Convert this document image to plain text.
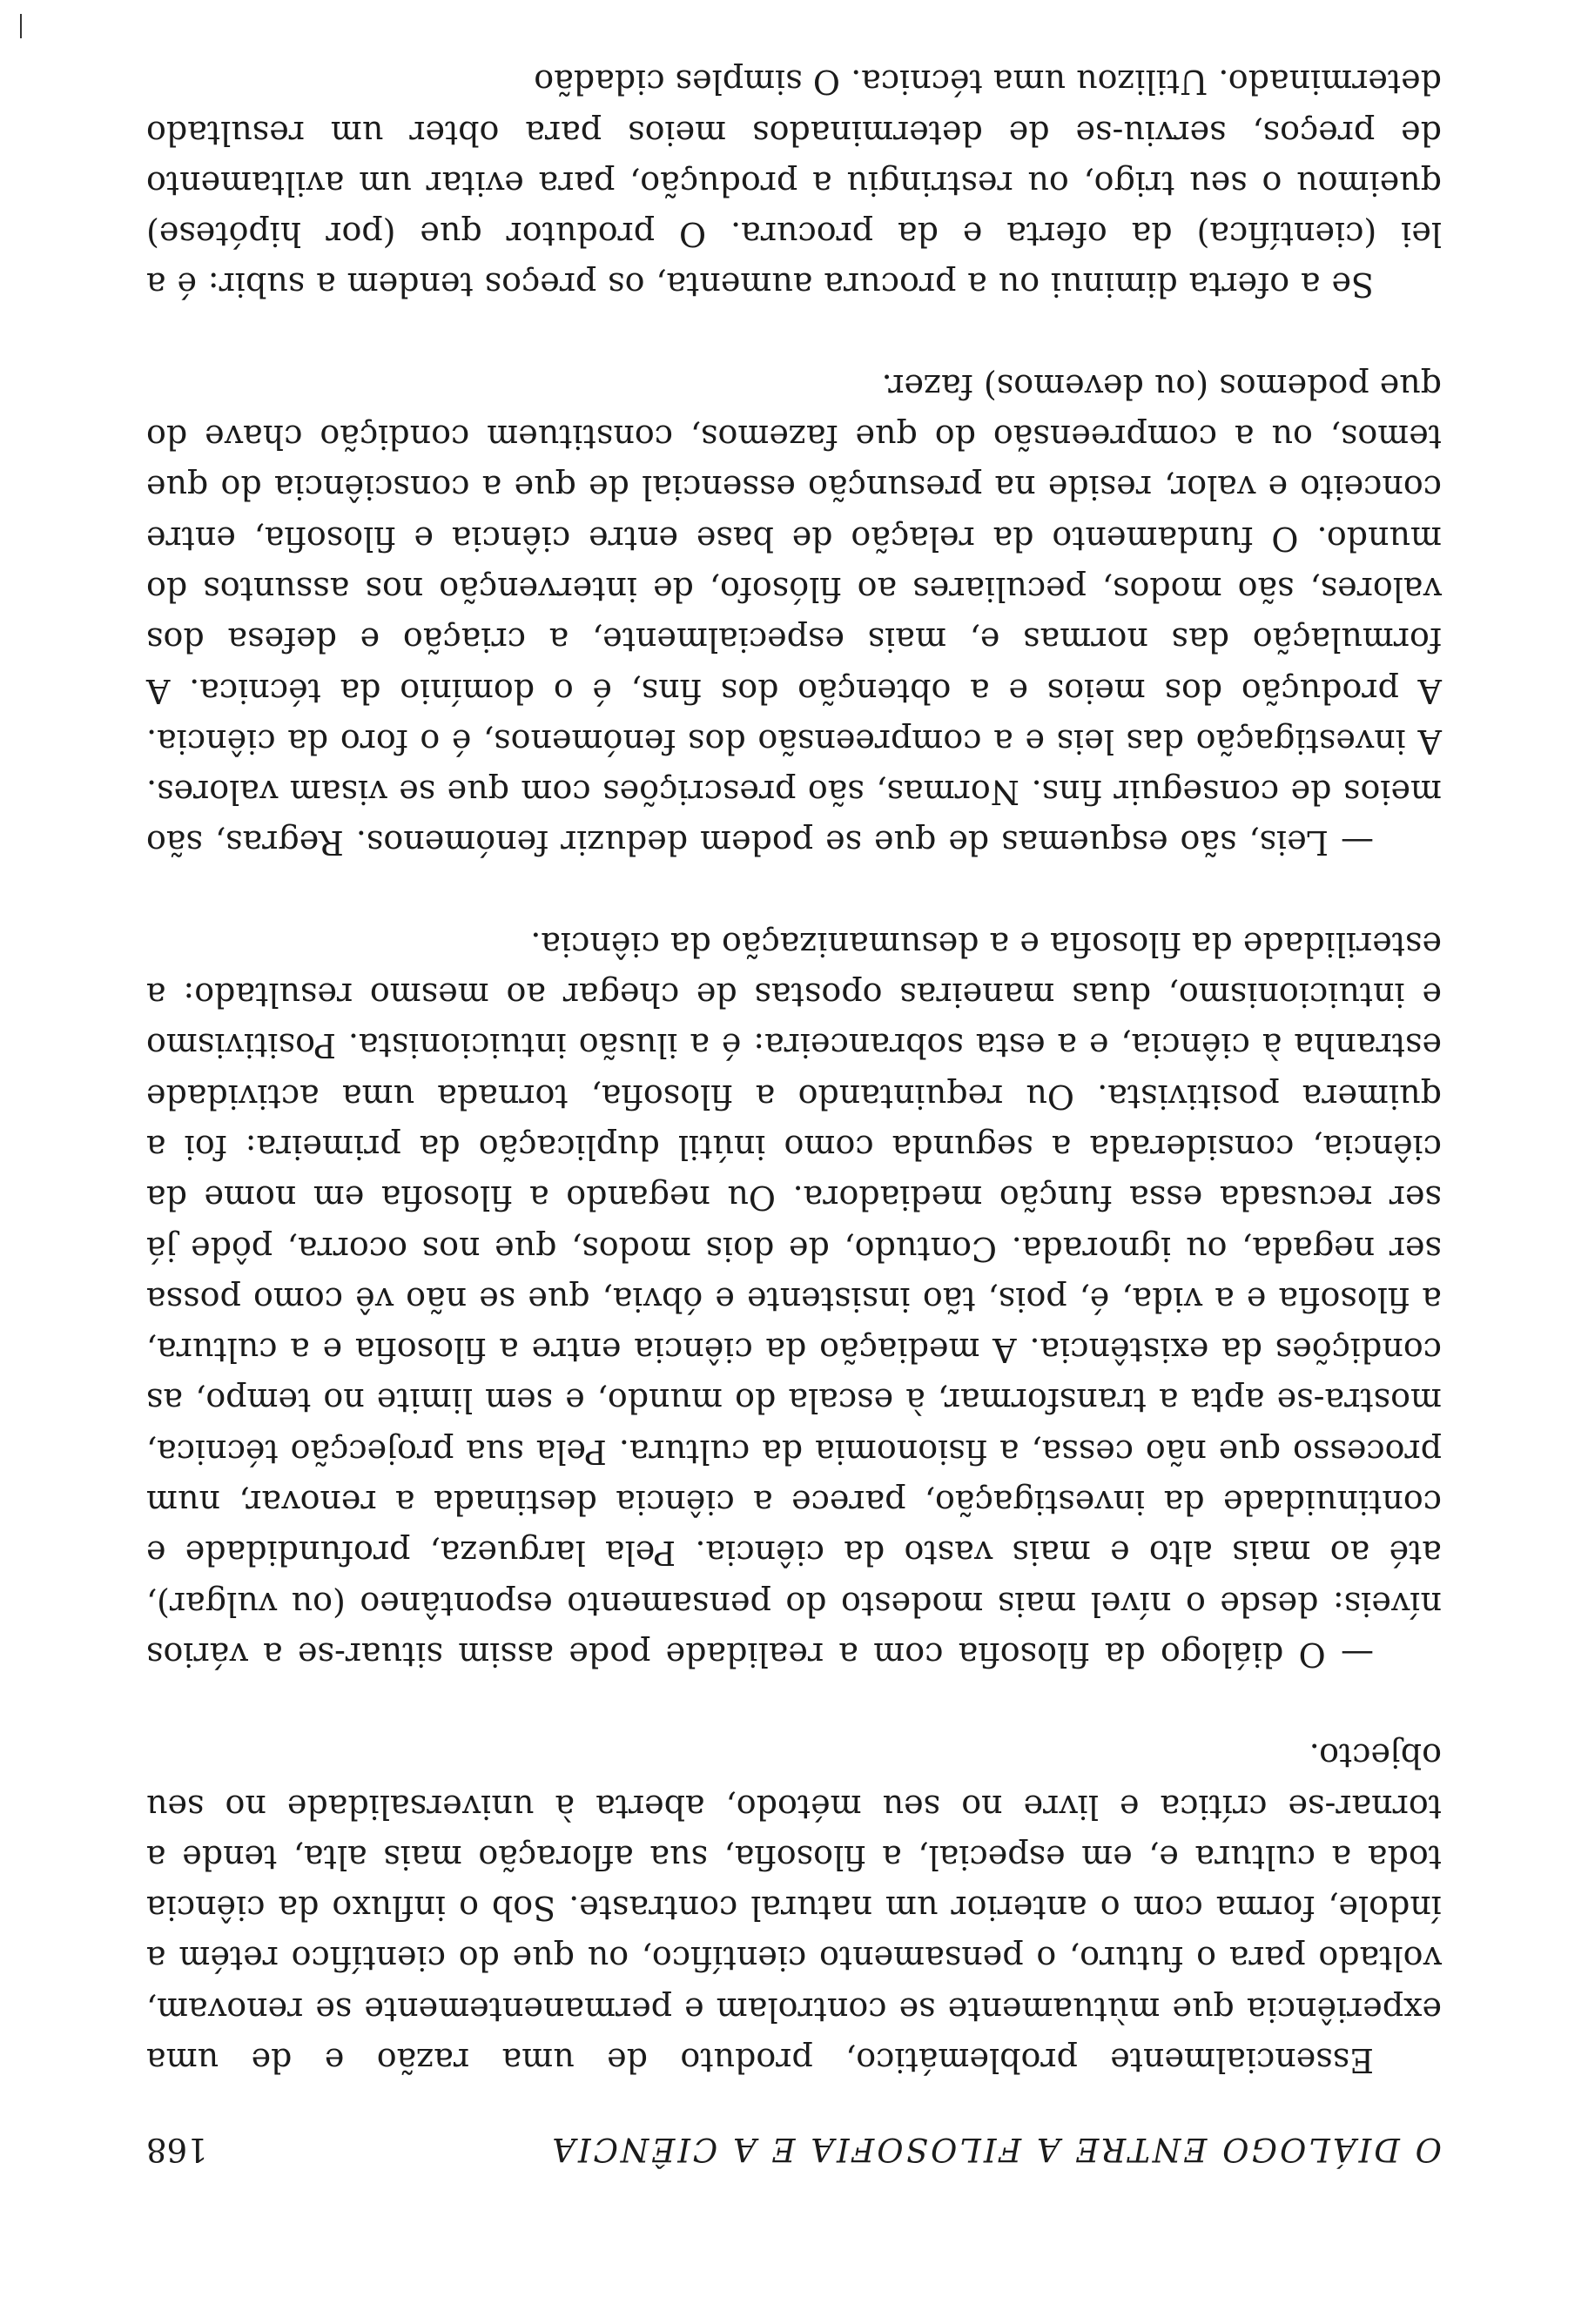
O DIÁLOGO ENTRE A FILOSOFIA E A CIÊNCIA
168

Essencialmente problemático, produto de uma razão e de uma experiência que mùtuamente se controlam e permanentemente se renovam, voltado para o futuro, o pensamento científico, ou que do científico retém a índole, forma com o anterior um natural contraste. Sob o influxo da ciência toda a cultura e, em especial, a filosofia, sua afloração mais alta, tende a tornar-se crítica e livre no seu método, aberta à universalidade no seu objecto.

— O diálogo da filosofia com a realidade pode assim situar-se a vários níveis: desde o nível mais modesto do pensamento espontâneo (ou vulgar), até ao mais alto e mais vasto da ciência. Pela largueza, profundidade e continuidade da investigação, parece a ciência destinada a renovar, num processo que não cessa, a fisionomia da cultura. Pela sua projecção técnica, mostra-se apta a transformar, à escala do mundo, e sem limite no tempo, as condições da existência. A mediação da ciência entre a filosofia e a cultura, a filosofia e a vida, é, pois, tão insistente e óbvia, que se não vê como possa ser negada, ou ignorada. Contudo, de dois modos, que nos ocorra, pôde já ser recusada essa função mediadora. Ou negando a filosofia em nome da ciência, considerada a segunda como inútil duplicação da primeira: foi a quimera positivista. Ou requintando a filosofia, tornada uma actividade estranha à ciência, e a esta sobranceira: é a ilusão intuicionista. Positivismo e intuicionismo, duas maneiras opostas de chegar ao mesmo resultado: a esterilidade da filosofia e a desumanização da ciência.

— Leis, são esquemas de que se podem deduzir fenómenos. Regras, são meios de conseguir fins. Normas, são prescrições com que se visam valores. A investigação das leis e a compreensão dos fenómenos, é o foro da ciência. A produção dos meios e a obtenção dos fins, é o domínio da técnica. A formulação das normas e, mais especialmente, a criação e defesa dos valores, são modos, peculiares ao filósofo, de intervenção nos assuntos do mundo. O fundamento da relação de base entre ciência e filosofia, entre conceito e valor, reside na presunção essencial de que a consciência do que temos, ou a compreensão do que fazemos, constituem condição chave do que podemos (ou devemos) fazer.

Se a oferta diminui ou a procura aumenta, os preços tendem a subir: é a lei (científica) da oferta e da procura. O produtor que (por hipótese) queimou o seu trigo, ou restringiu a produção, para evitar um aviltamento de preços, serviu-se de determinados meios para obter um resultado determinado. Utilizou uma técnica. O simples cidadão
